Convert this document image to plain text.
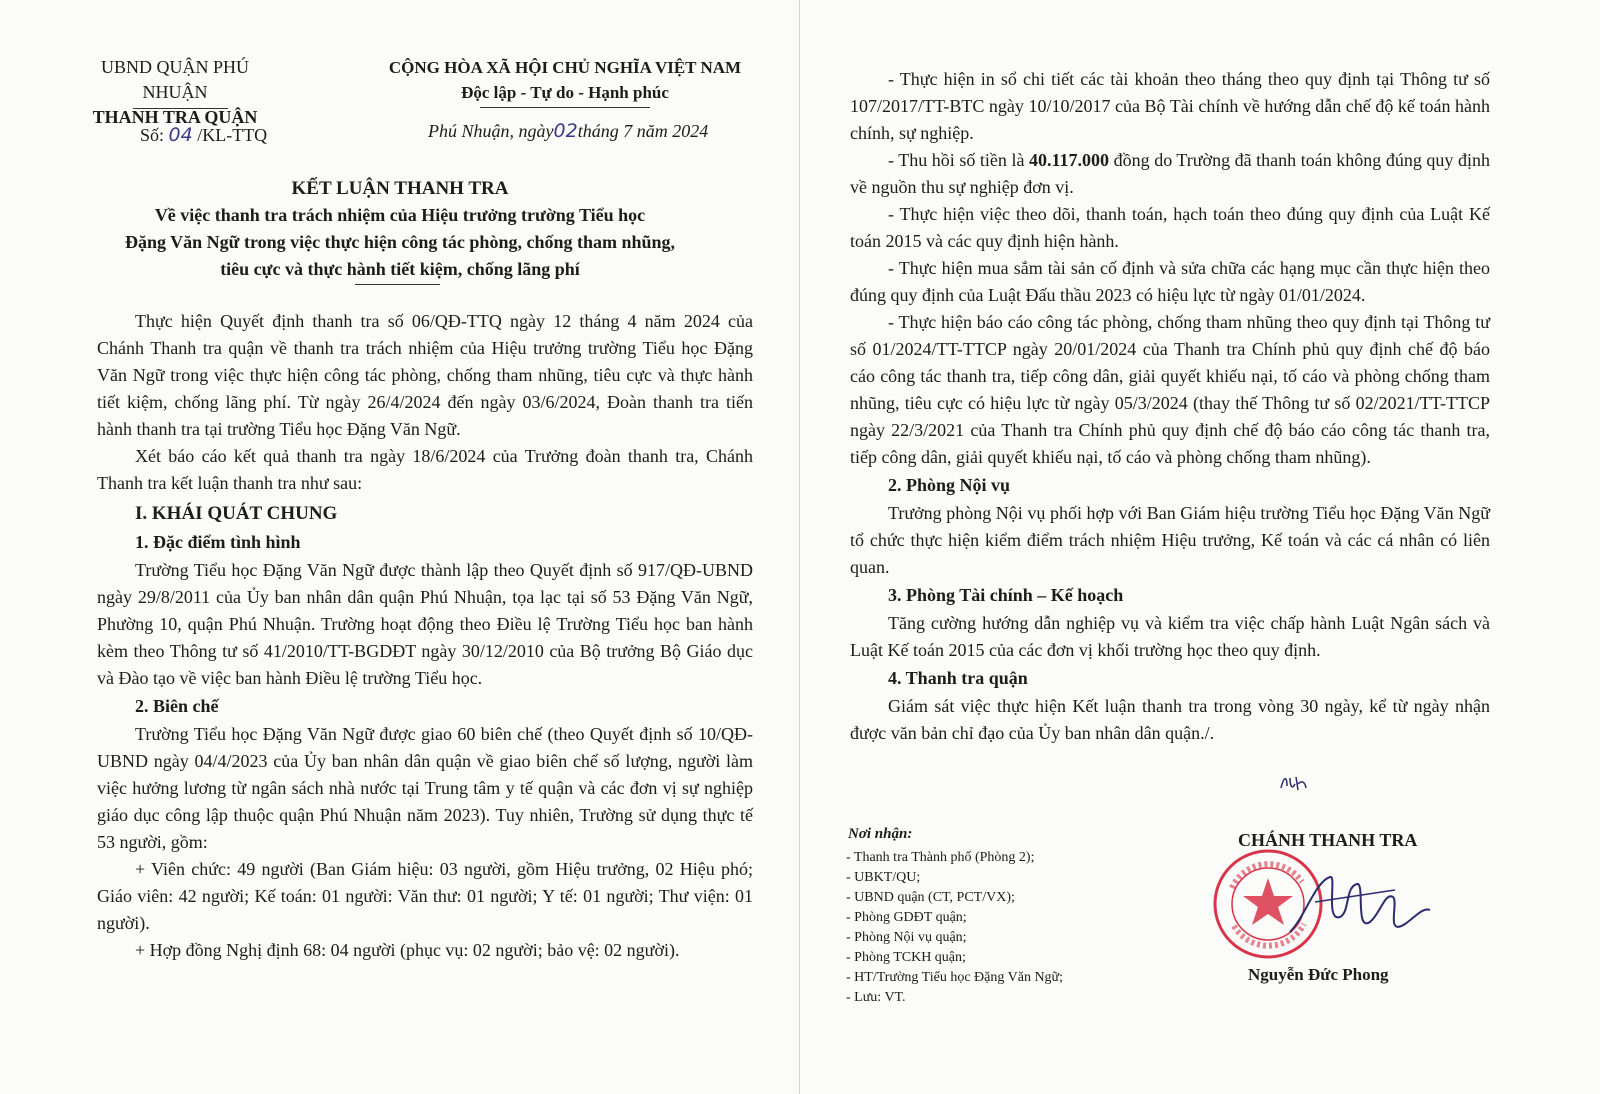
UBND QUẬN PHÚ NHUẬN
THANH TRA QUẬN
CỘNG HÒA XÃ HỘI CHỦ NGHĨA VIỆT NAM
Độc lập - Tự do - Hạnh phúc
Số: 04 /KL-TTQ	Phú Nhuận, ngày02tháng 7 năm 2024
KẾT LUẬN THANH TRA
Về việc thanh tra trách nhiệm của Hiệu trưởng trường Tiểu học
Đặng Văn Ngữ trong việc thực hiện công tác phòng, chống tham nhũng,
tiêu cực và thực hành tiết kiệm, chống lãng phí

Thực hiện Quyết định thanh tra số 06/QĐ-TTQ ngày 12 tháng 4 năm 2024 của Chánh Thanh tra quận về thanh tra trách nhiệm của Hiệu trưởng trường Tiểu học Đặng Văn Ngữ trong việc thực hiện công tác phòng, chống tham nhũng, tiêu cực và thực hành tiết kiệm, chống lãng phí. Từ ngày 26/4/2024 đến ngày 03/6/2024, Đoàn thanh tra tiến hành thanh tra tại trường Tiểu học Đặng Văn Ngữ.

Xét báo cáo kết quả thanh tra ngày 18/6/2024 của Trưởng đoàn thanh tra, Chánh Thanh tra kết luận thanh tra như sau:

I. KHÁI QUÁT CHUNG
1. Đặc điểm tình hình

Trường Tiểu học Đặng Văn Ngữ được thành lập theo Quyết định số 917/QĐ-UBND ngày 29/8/2011 của Ủy ban nhân dân quận Phú Nhuận, tọa lạc tại số 53 Đặng Văn Ngữ, Phường 10, quận Phú Nhuận. Trường hoạt động theo Điều lệ Trường Tiểu học ban hành kèm theo Thông tư số 41/2010/TT-BGDĐT ngày 30/12/2010 của Bộ trưởng Bộ Giáo dục và Đào tạo về việc ban hành Điều lệ trường Tiểu học.

2. Biên chế

Trường Tiểu học Đặng Văn Ngữ được giao 60 biên chế (theo Quyết định số 10/QĐ-UBND ngày 04/4/2023 của Ủy ban nhân dân quận về giao biên chế số lượng, người làm việc hưởng lương từ ngân sách nhà nước tại Trung tâm y tế quận và các đơn vị sự nghiệp giáo dục công lập thuộc quận Phú Nhuận năm 2023). Tuy nhiên, Trường sử dụng thực tế 53 người, gồm:

+ Viên chức: 49 người (Ban Giám hiệu: 03 người, gồm Hiệu trưởng, 02 Hiệu phó; Giáo viên: 42 người; Kế toán: 01 người: Văn thư: 01 người; Y tế: 01 người; Thư viện: 01 người).

+ Hợp đồng Nghị định 68: 04 người (phục vụ: 02 người; bảo vệ: 02 người).

- Thực hiện in sổ chi tiết các tài khoản theo tháng theo quy định tại Thông tư số 107/2017/TT-BTC ngày 10/10/2017 của Bộ Tài chính về hướng dẫn chế độ kế toán hành chính, sự nghiệp.

- Thu hồi số tiền là 40.117.000 đồng do Trường đã thanh toán không đúng quy định về nguồn thu sự nghiệp đơn vị.

- Thực hiện việc theo dõi, thanh toán, hạch toán theo đúng quy định của Luật Kế toán 2015 và các quy định hiện hành.

- Thực hiện mua sắm tài sản cố định và sửa chữa các hạng mục cần thực hiện theo đúng quy định của Luật Đấu thầu 2023 có hiệu lực từ ngày 01/01/2024.

- Thực hiện báo cáo công tác phòng, chống tham nhũng theo quy định tại Thông tư số 01/2024/TT-TTCP ngày 20/01/2024 của Thanh tra Chính phủ quy định chế độ báo cáo công tác thanh tra, tiếp công dân, giải quyết khiếu nại, tố cáo và phòng chống tham nhũng, tiêu cực có hiệu lực từ ngày 05/3/2024 (thay thế Thông tư số 02/2021/TT-TTCP ngày 22/3/2021 của Thanh tra Chính phủ quy định chế độ báo cáo công tác thanh tra, tiếp công dân, giải quyết khiếu nại, tố cáo và phòng chống tham nhũng).

2. Phòng Nội vụ

Trưởng phòng Nội vụ phối hợp với Ban Giám hiệu trường Tiểu học Đặng Văn Ngữ tổ chức thực hiện kiểm điểm trách nhiệm Hiệu trưởng, Kế toán và các cá nhân có liên quan.

3. Phòng Tài chính – Kế hoạch

Tăng cường hướng dẫn nghiệp vụ và kiểm tra việc chấp hành Luật Ngân sách và Luật Kế toán 2015 của các đơn vị khối trường học theo quy định.

4. Thanh tra quận

Giám sát việc thực hiện Kết luận thanh tra trong vòng 30 ngày, kể từ ngày nhận được văn bản chỉ đạo của Ủy ban nhân dân quận./.

Nơi nhận:
- Thanh tra Thành phố (Phòng 2);
- UBKT/QU;
- UBND quận (CT, PCT/VX);
- Phòng GDĐT quận;
- Phòng Nội vụ quận;
- Phòng TCKH quận;
- HT/Trường Tiểu học Đặng Văn Ngữ;
- Lưu: VT.
CHÁNH THANH TRA
Nguyễn Đức Phong
